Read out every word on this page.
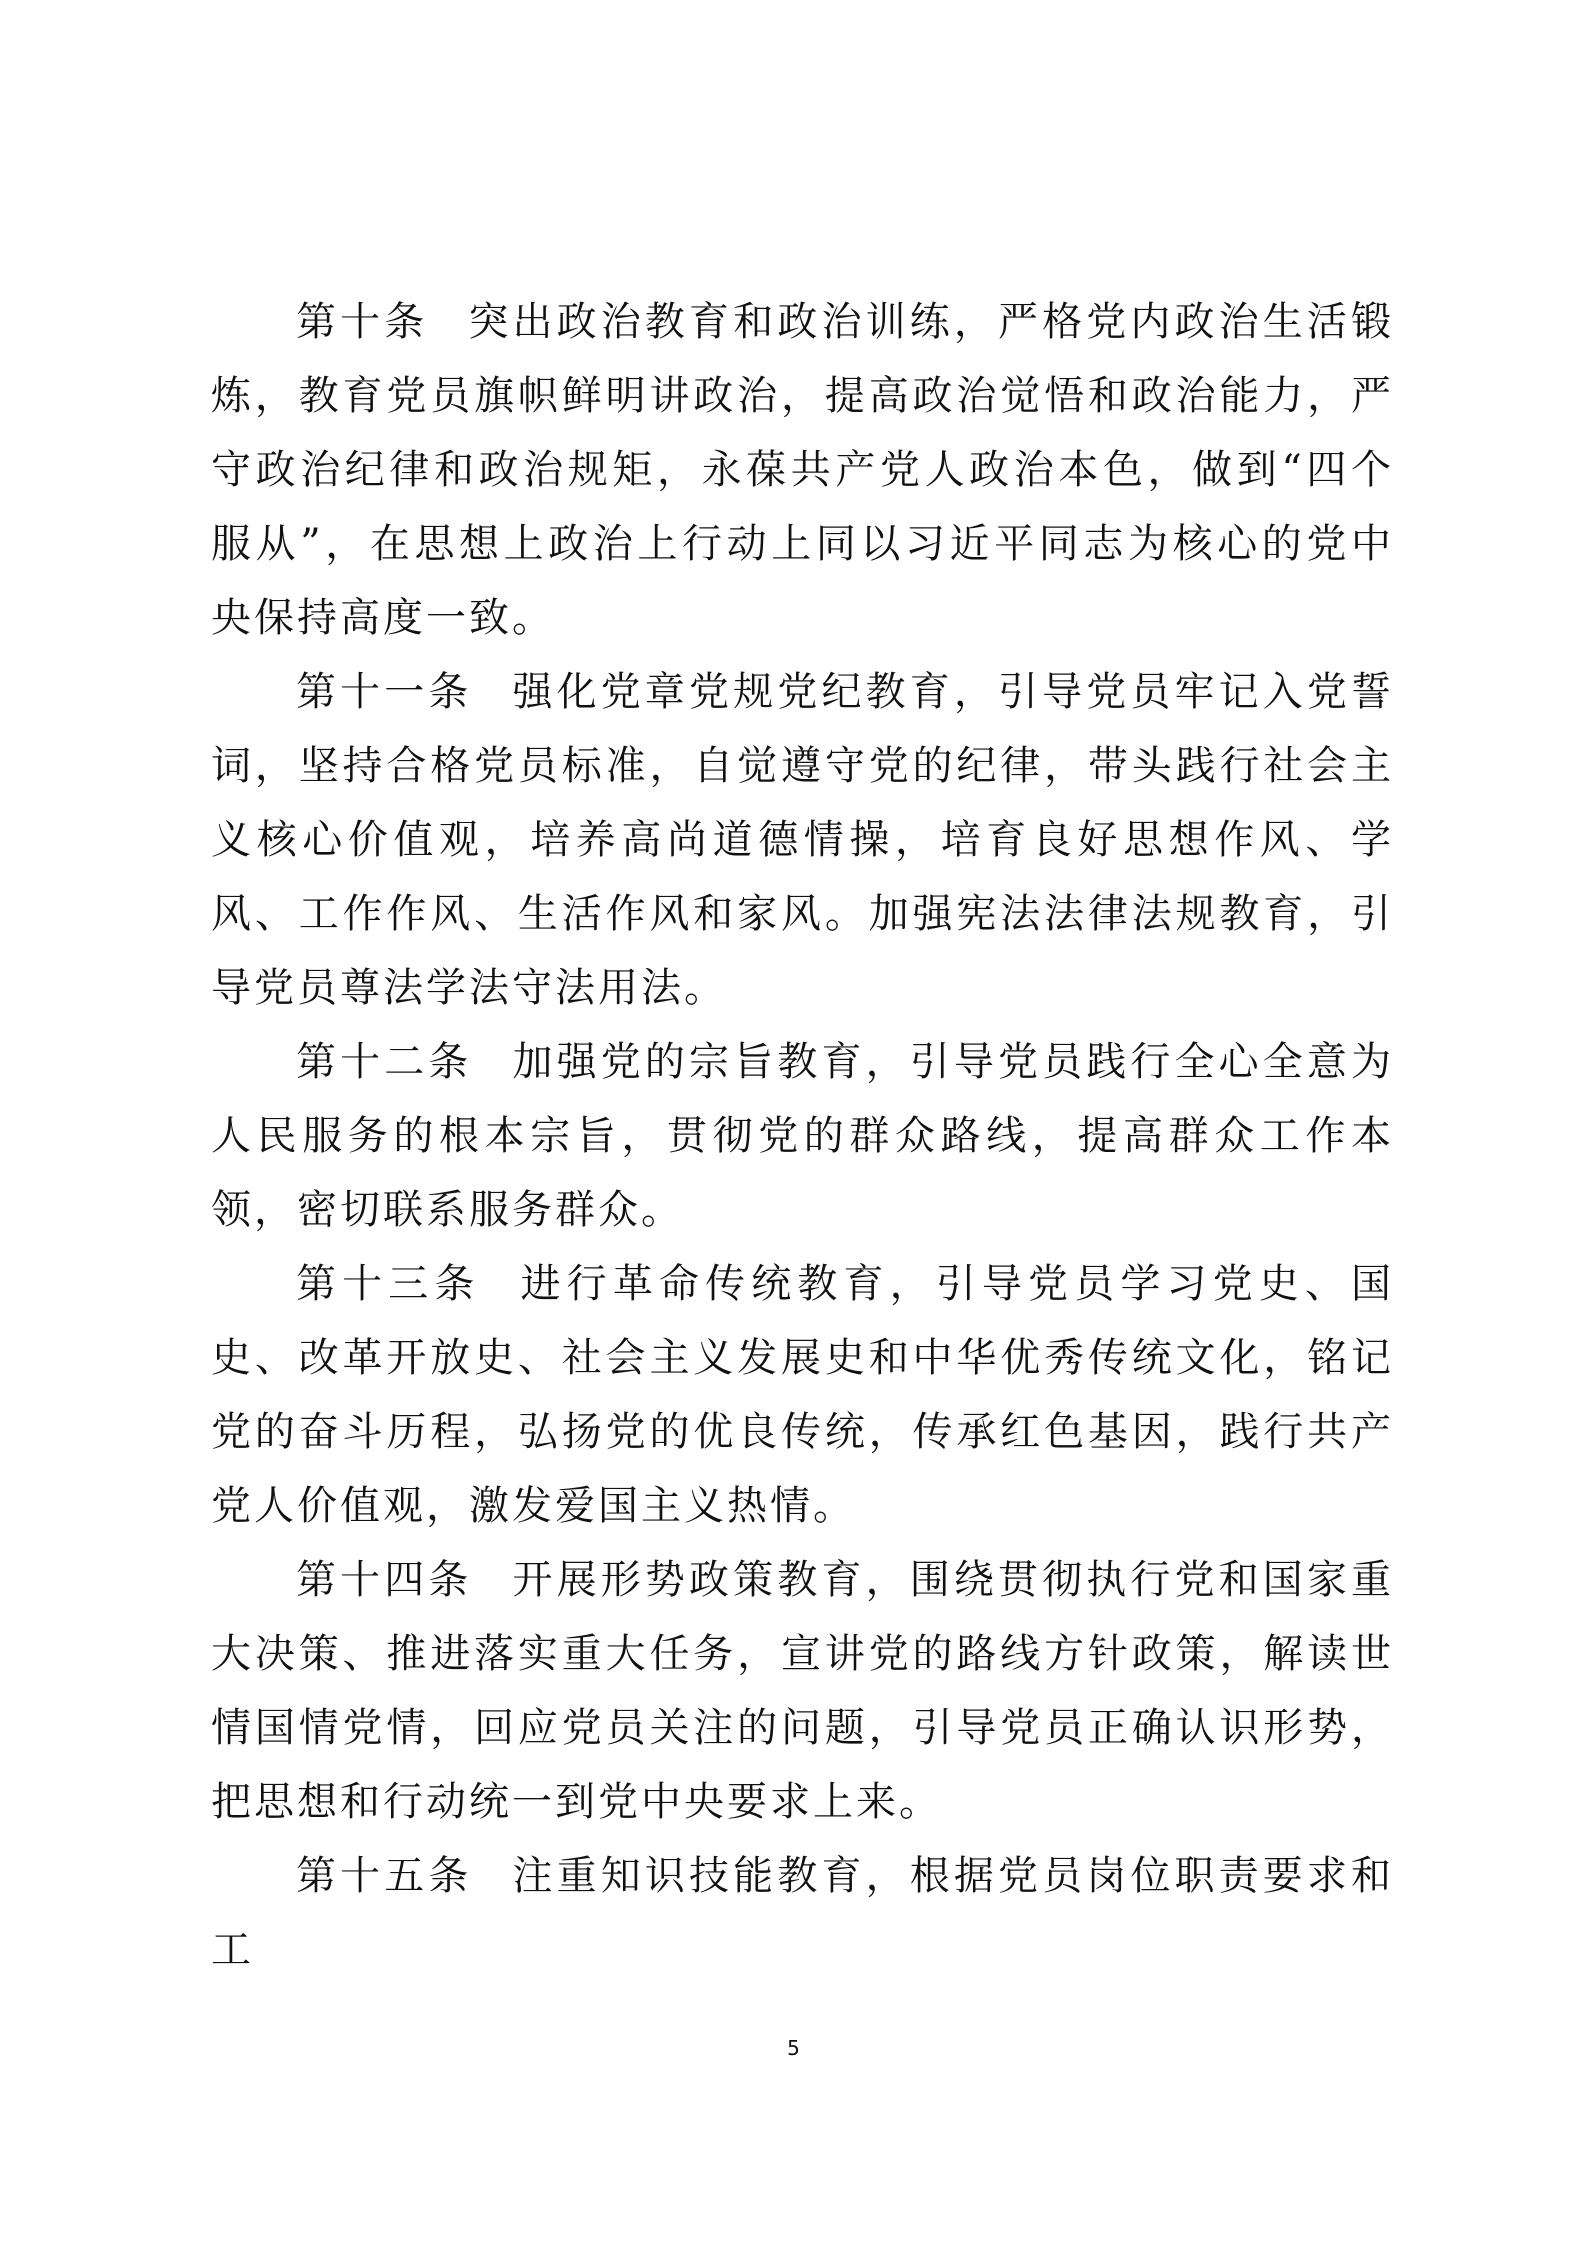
第十条 突出政治教育和政治训练，严格党内政治生活锻炼，教育党员旗帜鲜明讲政治，提高政治觉悟和政治能力，严守政治纪律和政治规矩，永葆共产党人政治本色，做到“四个服从”，在思想上政治上行动上同以习近平同志为核心的党中央保持高度一致。

第十一条 强化党章党规党纪教育，引导党员牢记入党誓词，坚持合格党员标准，自觉遵守党的纪律，带头践行社会主义核心价值观，培养高尚道德情操，培育良好思想作风、学风、工作作风、生活作风和家风。加强宪法法律法规教育，引导党员尊法学法守法用法。

第十二条 加强党的宗旨教育，引导党员践行全心全意为人民服务的根本宗旨，贯彻党的群众路线，提高群众工作本领，密切联系服务群众。

第十三条 进行革命传统教育，引导党员学习党史、国史、改革开放史、社会主义发展史和中华优秀传统文化，铭记党的奋斗历程，弘扬党的优良传统，传承红色基因，践行共产党人价值观，激发爱国主义热情。

第十四条 开展形势政策教育，围绕贯彻执行党和国家重大决策、推进落实重大任务，宣讲党的路线方针政策，解读世情国情党情，回应党员关注的问题，引导党员正确认识形势，把思想和行动统一到党中央要求上来。

第十五条 注重知识技能教育，根据党员岗位职责要求和工

5
